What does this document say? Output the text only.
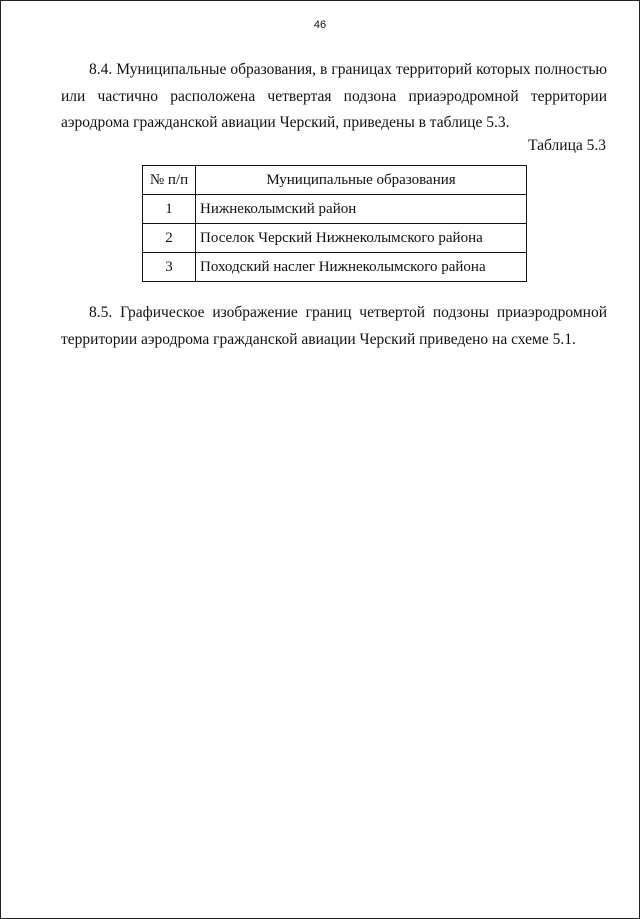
46

8.4. Муниципальные образования, в границах территорий которых полностью или частично расположена четвертая подзона приаэродромной территории аэродрома гражданской авиации Черский, приведены в таблице 5.3.

Таблица 5.3
№ п/п	Муниципальные образования
1	Нижнеколымский район
2	Поселок Черский Нижнеколымского района
3	Походский наслег Нижнеколымского района

8.5. Графическое изображение границ четвертой подзоны приаэродромной территории аэродрома гражданской авиации Черский приведено на схеме 5.1.
